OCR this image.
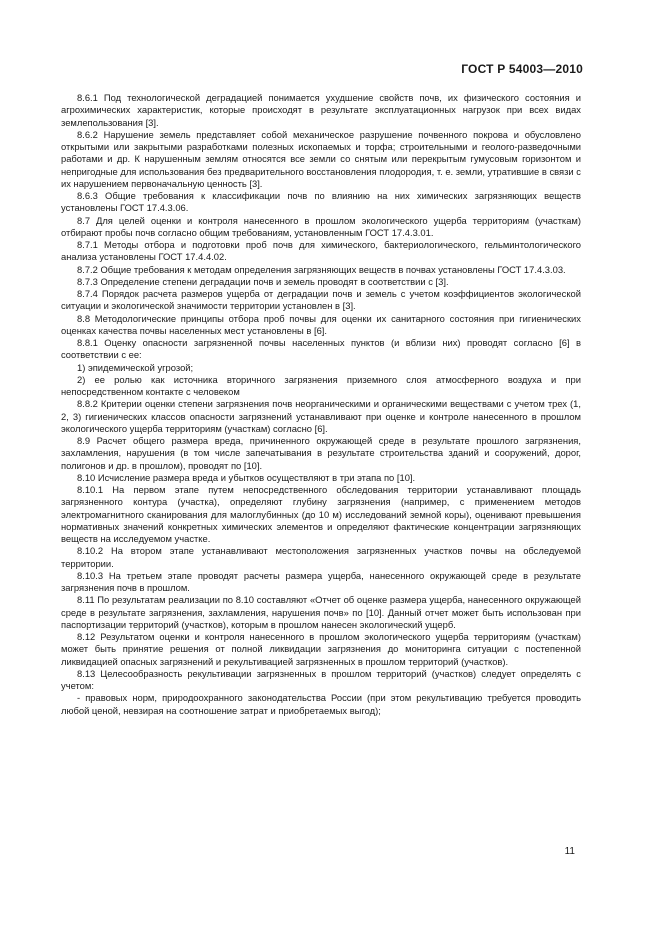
ГОСТ Р 54003—2010

8.6.1 Под технологической деградацией понимается ухудшение свойств почв, их физического состояния и агрохимических характеристик, которые происходят в результате эксплуатационных нагрузок при всех видах землепользования [3].

8.6.2 Нарушение земель представляет собой механическое разрушение почвенного покрова и обусловлено открытыми или закрытыми разработками полезных ископаемых и торфа; строительными и геолого-разведочными работами и др. К нарушенным землям относятся все земли со снятым или перекрытым гумусовым горизонтом и непригодные для использования без предварительного восстановления плодородия, т. е. земли, утратившие в связи с их нарушением первоначальную ценность [3].

8.6.3 Общие требования к классификации почв по влиянию на них химических загрязняющих веществ установлены ГОСТ 17.4.3.06.

8.7 Для целей оценки и контроля нанесенного в прошлом экологического ущерба территориям (участкам) отбирают пробы почв согласно общим требованиям, установленным ГОСТ 17.4.3.01.

8.7.1 Методы отбора и подготовки проб почв для химического, бактериологического, гельминтологического анализа установлены ГОСТ 17.4.4.02.

8.7.2 Общие требования к методам определения загрязняющих веществ в почвах установлены ГОСТ 17.4.3.03.

8.7.3 Определение степени деградации почв и земель проводят в соответствии с [3].

8.7.4 Порядок расчета размеров ущерба от деградации почв и земель с учетом коэффициентов экологической ситуации и экологической значимости территории установлен в [3].

8.8 Методологические принципы отбора проб почвы для оценки их санитарного состояния при гигиенических оценках качества почвы населенных мест установлены в [6].

8.8.1 Оценку опасности загрязненной почвы населенных пунктов (и вблизи них) проводят согласно [6] в соответствии с ее:

1) эпидемической угрозой;

2) ее ролью как источника вторичного загрязнения приземного слоя атмосферного воздуха и при непосредственном контакте с человеком

8.8.2 Критерии оценки степени загрязнения почв неорганическими и органическими веществами с учетом трех (1, 2, 3) гигиенических классов опасности загрязнений устанавливают при оценке и контроле нанесенного в прошлом экологического ущерба территориям (участкам) согласно [6].

8.9 Расчет общего размера вреда, причиненного окружающей среде в результате прошлого загрязнения, захламления, нарушения (в том числе запечатывания в результате строительства зданий и сооружений, дорог, полигонов и др. в прошлом), проводят по [10].

8.10 Исчисление размера вреда и убытков осуществляют в три этапа по [10].

8.10.1 На первом этапе путем непосредственного обследования территории устанавливают площадь загрязненного контура (участка), определяют глубину загрязнения (например, с применением методов электромагнитного сканирования для малоглубинных (до 10 м) исследований земной коры), оценивают превышения нормативных значений конкретных химических элементов и определяют фактические концентрации загрязняющих веществ на исследуемом участке.

8.10.2 На втором этапе устанавливают местоположения загрязненных участков почвы на обследуемой территории.

8.10.3 На третьем этапе проводят расчеты размера ущерба, нанесенного окружающей среде в результате загрязнения почв в прошлом.

8.11 По результатам реализации по 8.10 составляют «Отчет об оценке размера ущерба, нанесенного окружающей среде в результате загрязнения, захламления, нарушения почв» по [10]. Данный отчет может быть использован при паспортизации территорий (участков), которым в прошлом нанесен экологический ущерб.

8.12 Результатом оценки и контроля нанесенного в прошлом экологического ущерба территориям (участкам) может быть принятие решения от полной ликвидации загрязнения до мониторинга ситуации с постепенной ликвидацией опасных загрязнений и рекультивацией загрязненных в прошлом территорий (участков).

8.13 Целесообразность рекультивации загрязненных в прошлом территорий (участков) следует определять с учетом:

- правовых норм, природоохранного законодательства России (при этом рекультивацию требуется проводить любой ценой, невзирая на соотношение затрат и приобретаемых выгод);

11
